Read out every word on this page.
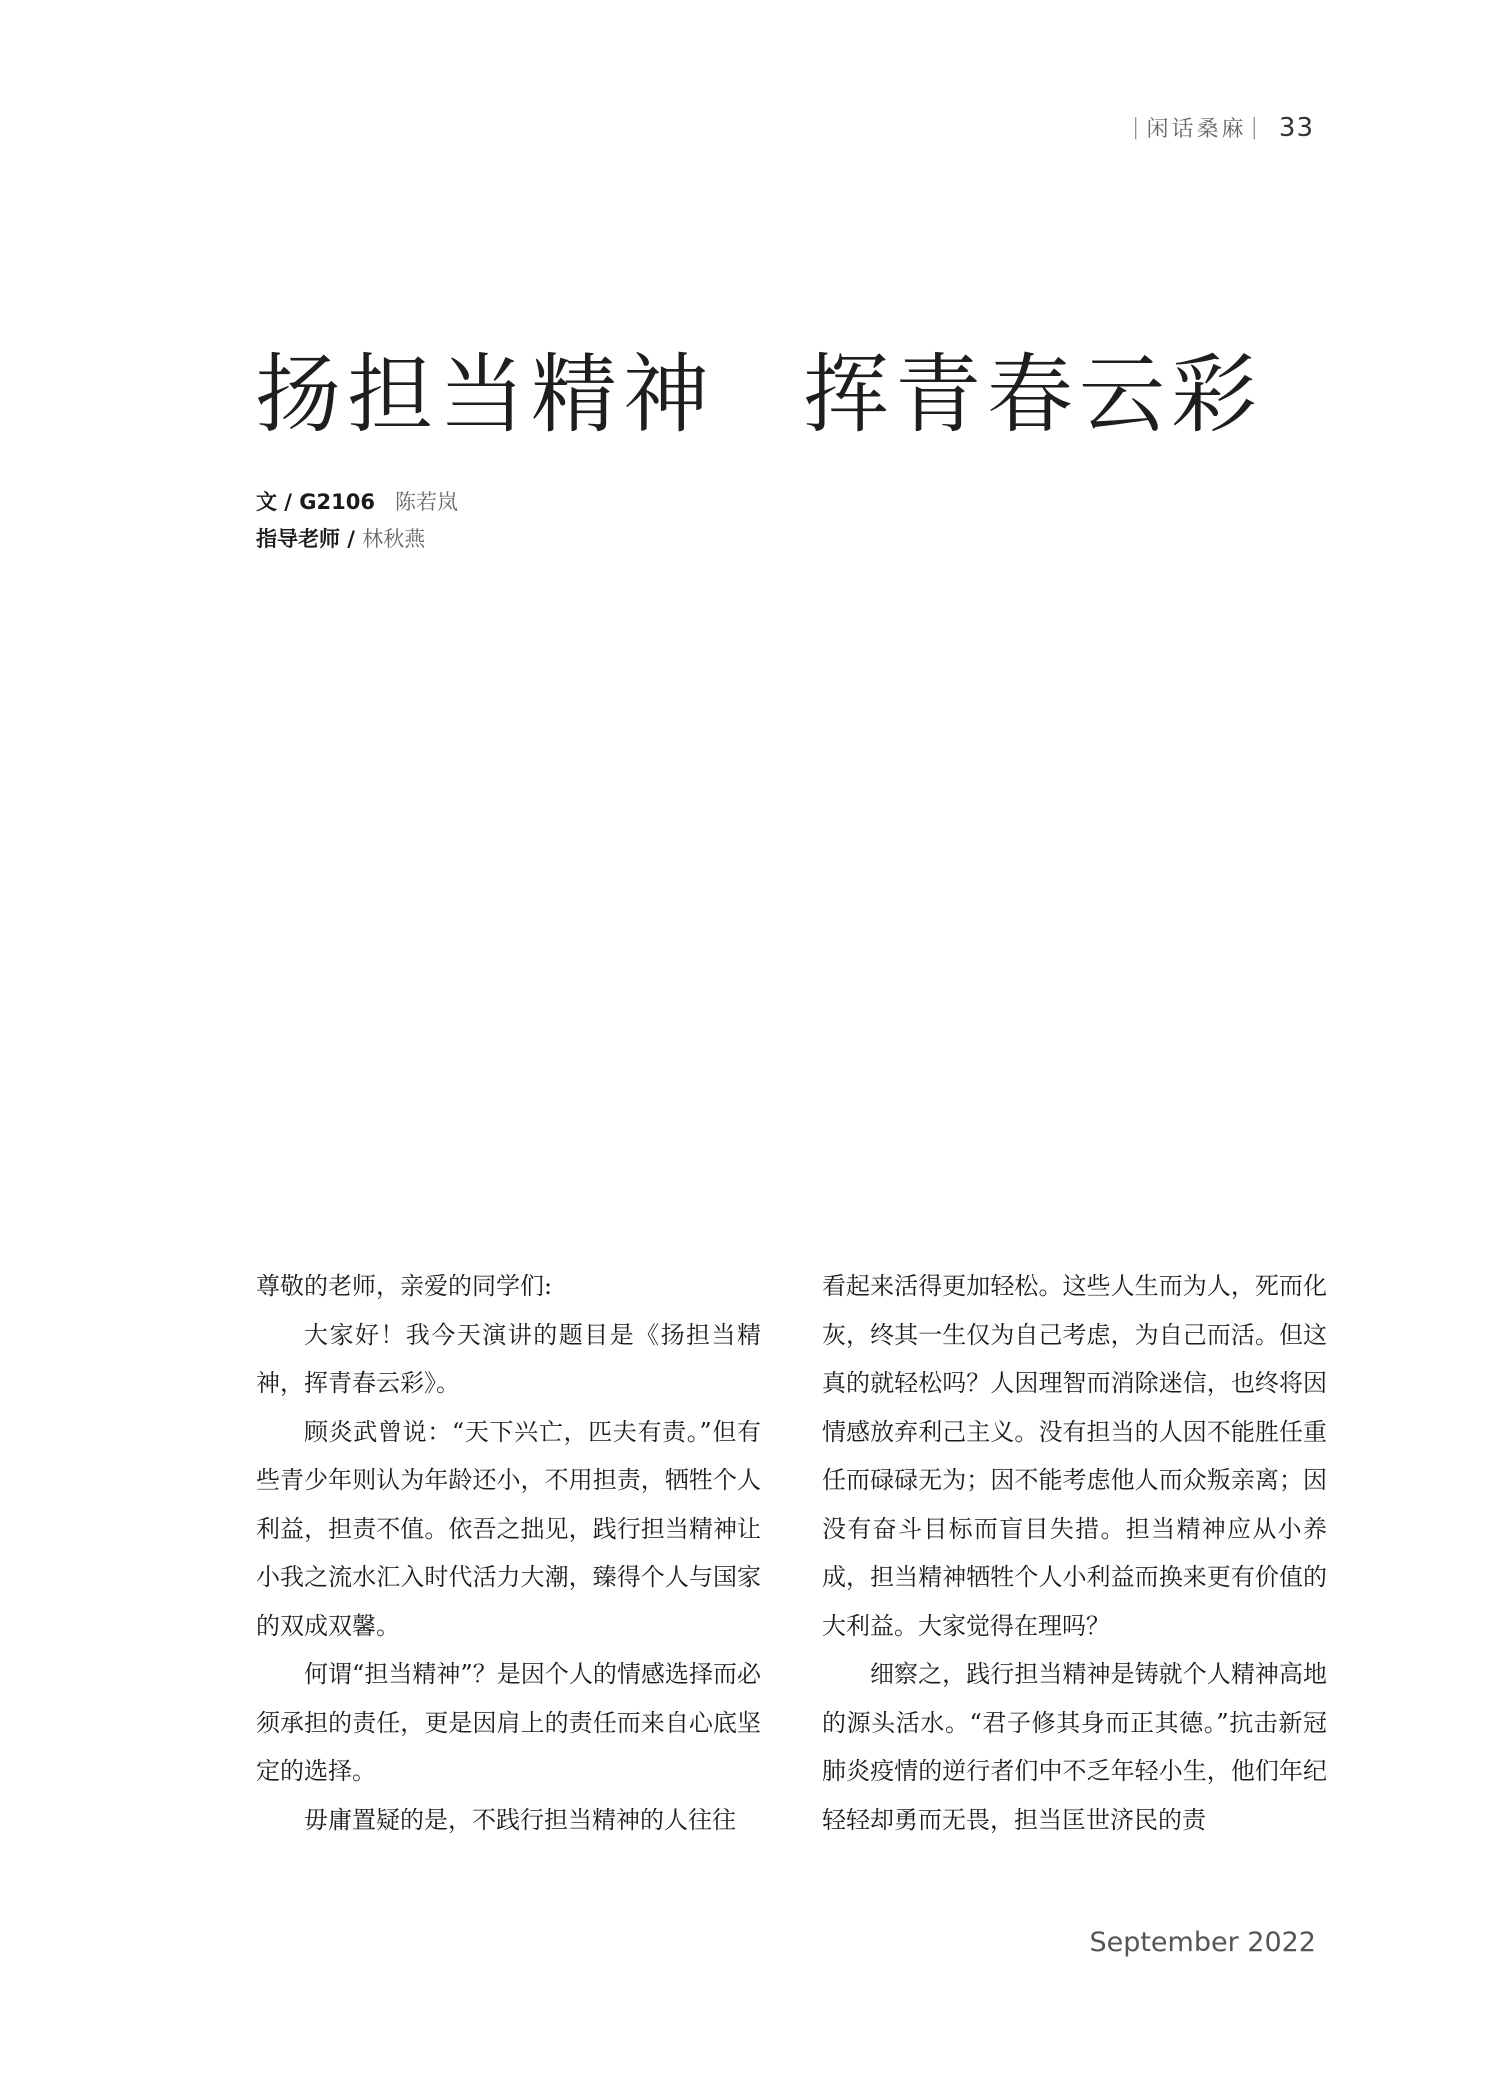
| 闲话桑麻 | 33
扬担当精神 挥青春云彩
文 / G2106 陈若岚
指导老师 / 林秋燕

尊敬的老师，亲爱的同学们:

大家好！我今天演讲的题目是《扬担当精神，挥青春云彩》。

顾炎武曾说：“天下兴亡，匹夫有责。”但有些青少年则认为年龄还小，不用担责，牺牲个人利益，担责不值。依吾之拙见，践行担当精神让小我之流水汇入时代活力大潮，臻得个人与国家的双成双馨。

何谓“担当精神”？是因个人的情感选择而必须承担的责任，更是因肩上的责任而来自心底坚定的选择。

毋庸置疑的是，不践行担当精神的人往往

看起来活得更加轻松。这些人生而为人，死而化灰，终其一生仅为自己考虑，为自己而活。但这真的就轻松吗？人因理智而消除迷信，也终将因情感放弃利己主义。没有担当的人因不能胜任重任而碌碌无为；因不能考虑他人而众叛亲离；因没有奋斗目标而盲目失措。担当精神应从小养成，担当精神牺牲个人小利益而换来更有价值的大利益。大家觉得在理吗？

细察之，践行担当精神是铸就个人精神高地的源头活水。“君子修其身而正其德。”抗击新冠肺炎疫情的逆行者们中不乏年轻小生，他们年纪轻轻却勇而无畏，担当匡世济民的责

September 2022
